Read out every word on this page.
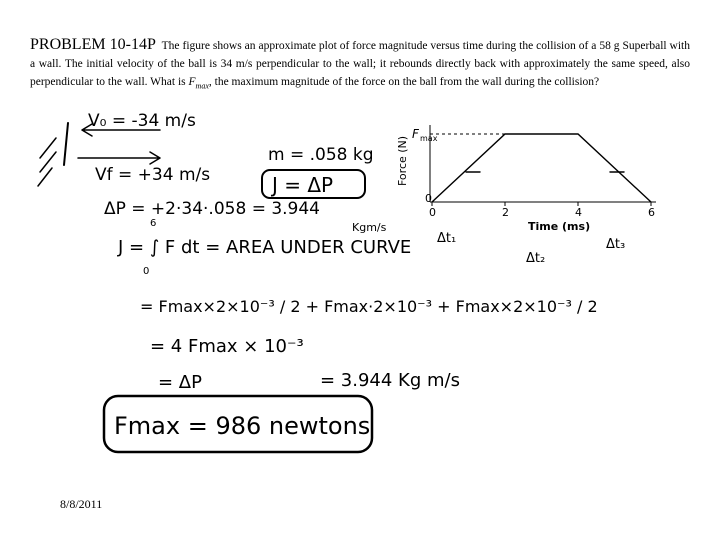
PROBLEM 10-14P The figure shows an approximate plot of force magnitude versus time during the collision of a 58 g Superball with a wall. The initial velocity of the ball is 34 m/s perpendicular to the wall; it rebounds directly back with approximately the same speed, also perpendicular to the wall. What is $F_{max}$, the maximum magnitude of the force on the ball from the wall during the collision?
V₀ = -34 m/s
Vf = +34 m/s
m = .058 kg
J = ΔP
ΔP = +2·34·.058 = 3.944
Kgm/s
J = ∫ F dt = AREA UNDER CURVE
6
0
Δt₁
Δt₂
Δt₃
= Fmax×2×10⁻³ / 2 + Fmax·2×10⁻³ + Fmax×2×10⁻³ / 2
= 4 Fmax × 10⁻³
= ΔP	= 3.944 Kg m/s
Fmax = 986 newtons
Force (N)
F max
0
0	2	4	6
Time (ms)
8/8/2011
